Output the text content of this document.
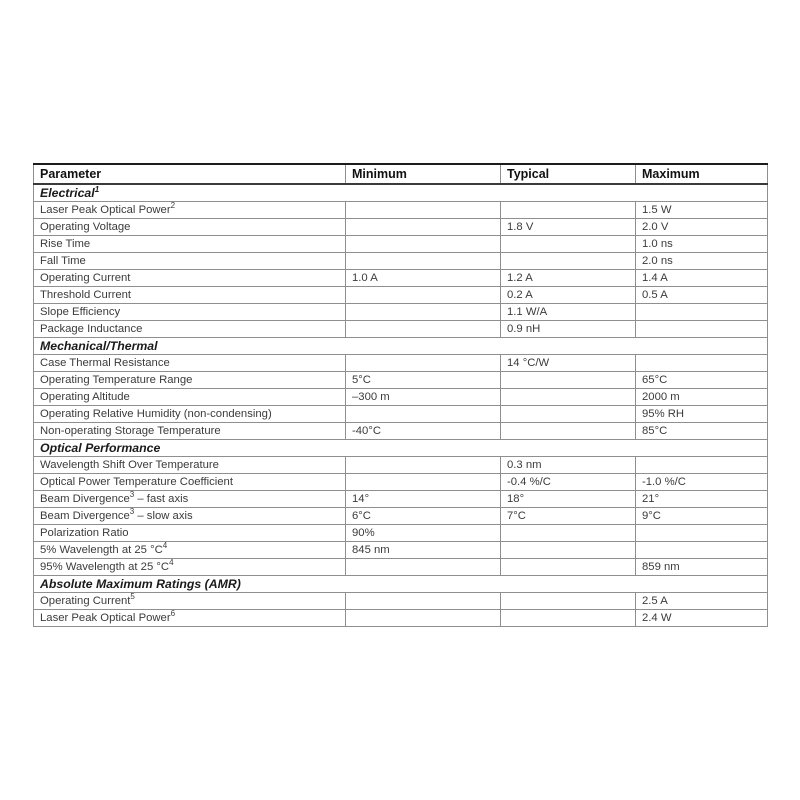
Parameter	Minimum	Typical	Maximum
Electrical$^1$
Laser Peak Optical Power$^2$			1.5 W
Operating Voltage		1.8 V	2.0 V
Rise Time			1.0 ns
Fall Time			2.0 ns
Operating Current	1.0 A	1.2 A	1.4 A
Threshold Current		0.2 A	0.5 A
Slope Efficiency		1.1 W/A	
Package Inductance		0.9 nH	
Mechanical/Thermal			
Case Thermal Resistance		14 °C/W	
Operating Temperature Range	5°C		65°C
Operating Altitude	–300 m		2000 m
Operating Relative Humidity (non-condensing)			95% RH
Non-operating Storage Temperature	-40°C		85°C
Optical Performance			
Wavelength Shift Over Temperature		0.3 nm	
Optical Power Temperature Coefficient		-0.4 %/C	-1.0 %/C
Beam Divergence$^3$ – fast axis	14°	18°	21°
Beam Divergence$^3$ – slow axis	6°C	7°C	9°C
Polarization Ratio	90%		
5% Wavelength at 25 $^\circ C^4$	845 nm		
95% Wavelength at 25 $^\circ C^4$			859 nm
Absolute Maximum Ratings (AMR)			
Operating Current$^5$			2.5 A
Laser Peak Optical Power$^6$			2.4 W
